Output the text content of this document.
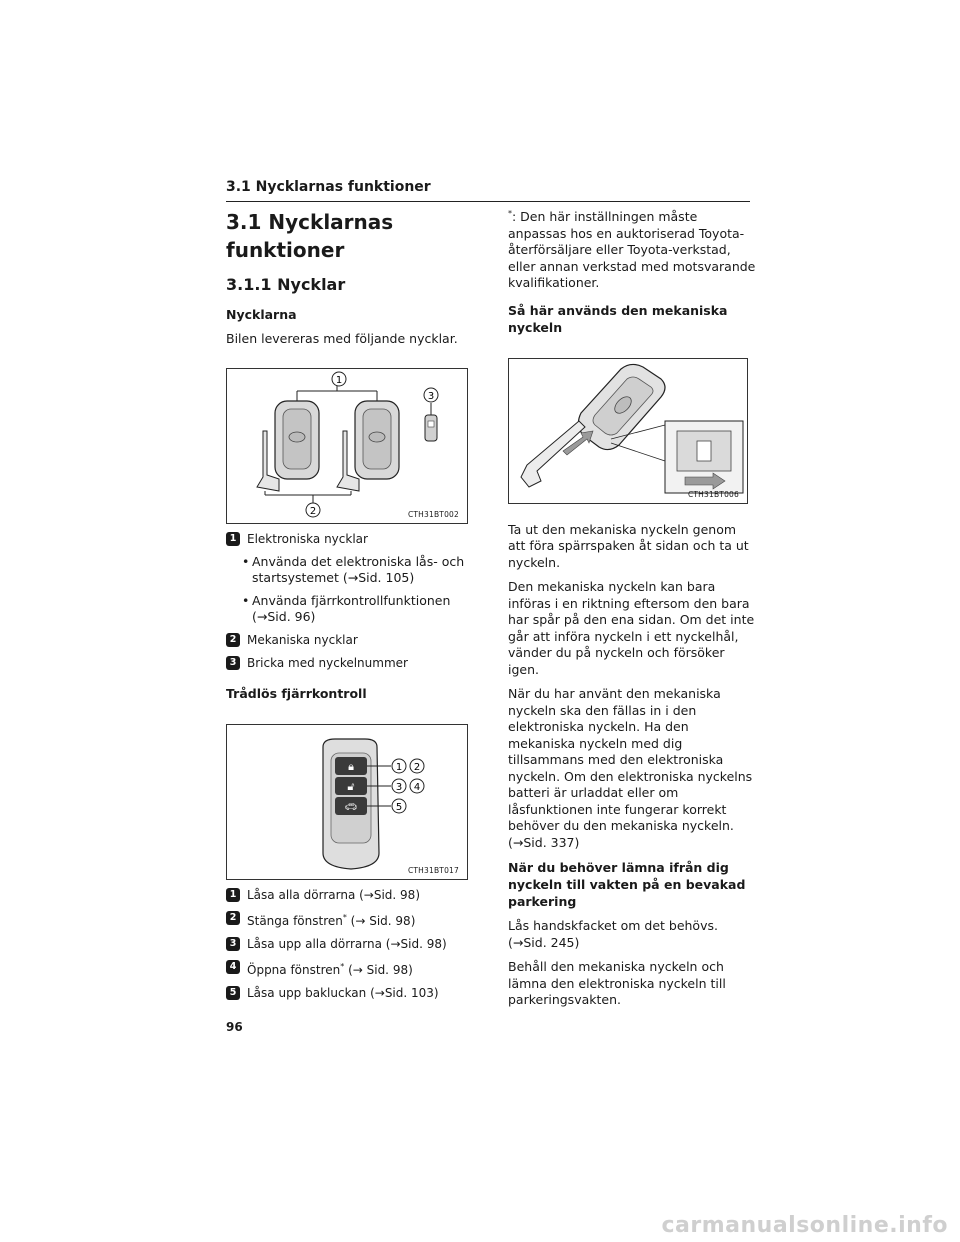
3.1 Nycklarnas funktioner
3.1 Nycklarnas funktioner
3.1.1 Nycklar
Nycklarna

Bilen levereras med följande nycklar.

1
2
3
CTH31BT002
1 Elektroniska nycklar
• Använda det elektroniska lås- och startsystemet (→Sid. 105)
• Använda fjärrkontrollfunktionen (→Sid. 96)
2 Mekaniska nycklar
3 Bricka med nyckelnummer
Trådlös fjärrkontroll
🔒︎
🔓︎
🚗︎
1 2
3 4
5
CTH31BT017
1 Låsa alla dörrarna (→Sid. 98)
2 Stänga fönstren* (→ Sid. 98)
3 Låsa upp alla dörrarna (→Sid. 98)
4 Öppna fönstren* (→ Sid. 98)
5 Låsa upp bakluckan (→Sid. 103)

*: Den här inställningen måste anpassas hos en auktoriserad Toyota-återförsäljare eller Toyota-verkstad, eller annan verkstad med motsvarande kvalifikationer.

Så här används den mekaniska nyckeln
CTH31BT006

Ta ut den mekaniska nyckeln genom att föra spärrspaken åt sidan och ta ut nyckeln.

Den mekaniska nyckeln kan bara införas i en riktning eftersom den bara har spår på den ena sidan. Om det inte går att införa nyckeln i ett nyckelhål, vänder du på nyckeln och försöker igen.

När du har använt den mekaniska nyckeln ska den fällas in i den elektroniska nyckeln. Ha den mekaniska nyckeln med dig tillsammans med den elektroniska nyckeln. Om den elektroniska nyckelns batteri är urladdat eller om låsfunktionen inte fungerar korrekt behöver du den mekaniska nyckeln. (→Sid. 337)

När du behöver lämna ifrån dig nyckeln till vakten på en bevakad parkering

Lås handskfacket om det behövs. (→Sid. 245)

Behåll den mekaniska nyckeln och lämna den elektroniska nyckeln till parkeringsvakten.

96
carmanualsonline.info
